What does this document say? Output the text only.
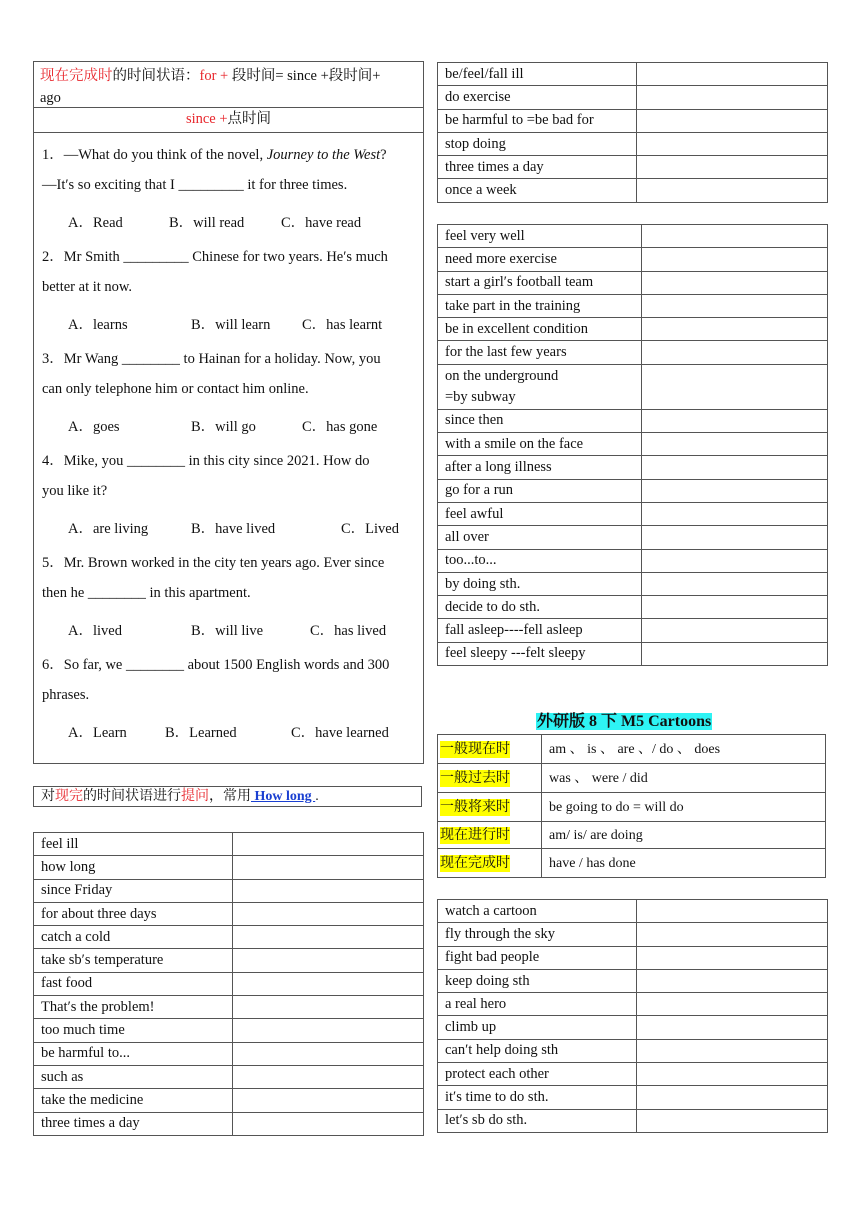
现在完成时的时间状语：for + 段时间= since +段时间+
ago
since +点时间
1．—What do you think of the novel, Journey to the West?
—It′s so exciting that I _________ it for three times.
A．Read	B．will read	C．have read
2．Mr Smith _________ Chinese for two years. He′s much
better at it now.
A．learns	B．will learn C．has learnt
3．Mr Wang ________ to Hainan for a holiday. Now, you
can only telephone him or contact him online.
A．goes	B．will go	C．has gone
4．Mike, you ________ in this city since 2021. How do
you like it?
A．are living	B．have lived	C．Lived
5．Mr. Brown worked in the city ten years ago. Ever since
then he ________ in this apartment.
A．lived	B．will live	C．has lived
6．So far, we ________ about 1500 English words and 300
phrases.
A．Learn	B．Learned	C．have learned
对现完的时间状语进行提问，常用 How long .
feel ill	
how long	
since Friday	
for about three days	
catch a cold	
take sb′s temperature	
fast food	
That′s the problem!	
too much time	
be harmful to...	
such as	
take the medicine	
three times a day	
be/feel/fall ill	
do exercise	
be harmful to =be bad for	
stop doing	
three times a day	
once a week	
feel very well	
need more exercise	
start a girl′s football team	
take part in the training	
be in excellent condition	
for the last few years	
on the underground
=by subway	
since then	
with a smile on the face	
after a long illness	
go for a run	
feel awful	
all over	
too...to...	
by doing sth.	
decide to do sth.	
fall asleep----fell asleep	
feel sleepy ---felt sleepy	
外研版 8 下 M5 Cartoons
一般现在时	am 、 is 、 are 、/ do 、 does
一般过去时	was 、 were / did
一般将来时	be going to do = will do
现在进行时	am/ is/ are doing
现在完成时	have / has done
watch a cartoon	
fly through the sky	
fight bad people	
keep doing sth	
a real hero	
climb up	
can′t help doing sth	
protect each other	
it′s time to do sth.	
let′s sb do sth.	
